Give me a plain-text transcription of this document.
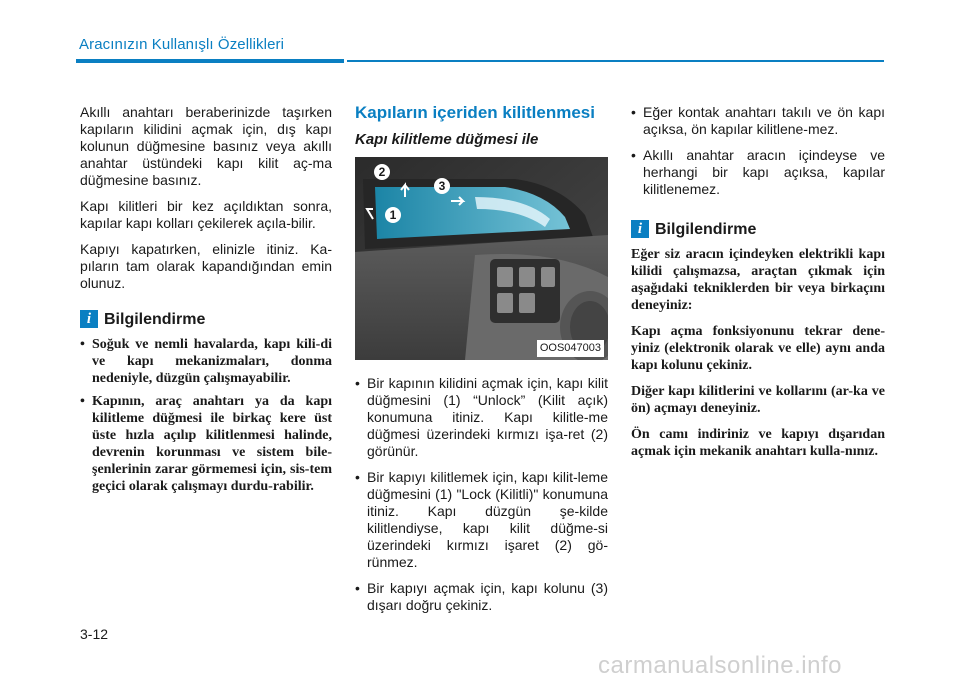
Aracınızın Kullanışlı Özellikleri

Akıllı anahtarı beraberinizde taşırken kapıların kilidini açmak için, dış kapı kolunun düğmesine basınız veya akıllı anahtar üstündeki kapı kilit aç-ma düğmesine basınız.

Kapı kilitleri bir kez açıldıktan sonra, kapılar kapı kolları çekilerek açıla-bilir.

Kapıyı kapatırken, elinizle itiniz. Ka-pıların tam olarak kapandığından emin olunuz.

i Bilgilendirme
• Soğuk ve nemli havalarda, kapı kili-di ve kapı mekanizmaları, donma nedeniyle, düzgün çalışmayabilir.
• Kapının, araç anahtarı ya da kapı kilitleme düğmesi ile birkaç kere üst üste hızla açılıp kilitlenmesi halinde, devrenin korunması ve sistem bile-şenlerinin zarar görmemesi için, sis-tem geçici olarak çalışmayı durdu-rabilir.
Kapıların içeriden kilitlenmesi
Kapı kilitleme düğmesi ile
2
3
1
OOS047003
• Bir kapının kilidini açmak için, kapı kilit düğmesini (1) “Unlock” (Kilit açık) konumuna itiniz. Kapı kilitle-me düğmesi üzerindeki kırmızı işa-ret (2) görünür.
• Bir kapıyı kilitlemek için, kapı kilit-leme düğmesini (1) "Lock (Kilitli)" konumuna itiniz. Kapı düzgün şe-kilde kilitlendiyse, kapı kilit düğme-si üzerindeki kırmızı işaret (2) gö-rünmez.
• Bir kapıyı açmak için, kapı kolunu (3) dışarı doğru çekiniz.
• Eğer kontak anahtarı takılı ve ön kapı açıksa, ön kapılar kilitlene-mez.
• Akıllı anahtar aracın içindeyse ve herhangi bir kapı açıksa, kapılar kilitlenemez.
i Bilgilendirme

Eğer siz aracın içindeyken elektrikli kapı kilidi çalışmazsa, araçtan çıkmak için aşağıdaki tekniklerden bir veya birkaçını deneyiniz:

Kapı açma fonksiyonunu tekrar dene-yiniz (elektronik olarak ve elle) aynı anda kapı kolunu çekiniz.

Diğer kapı kilitlerini ve kollarını (ar-ka ve ön) açmayı deneyiniz.

Ön camı indiriniz ve kapıyı dışarıdan açmak için mekanik anahtarı kulla-nınız.

3-12
carmanualsonline.info
